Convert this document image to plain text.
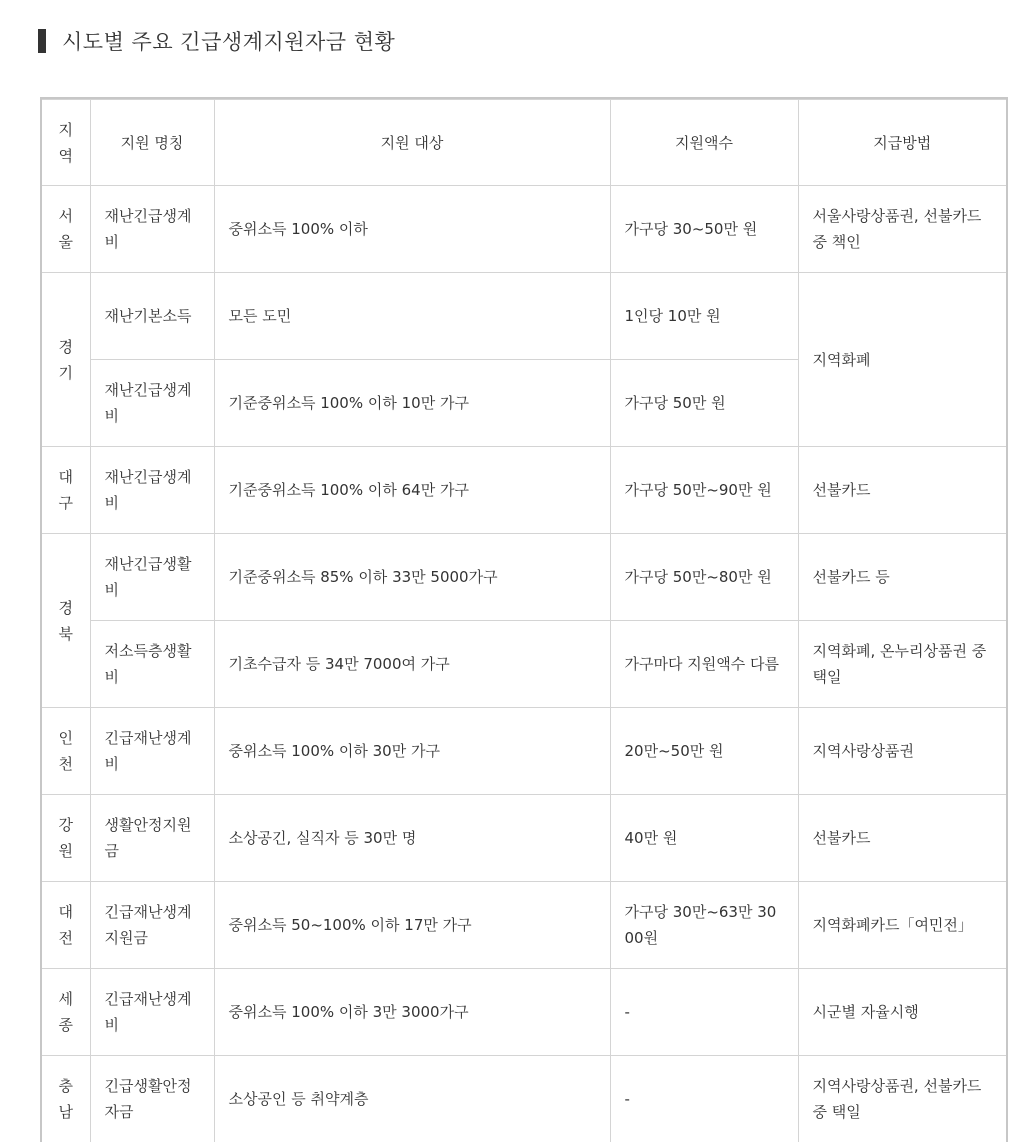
시도별 주요 긴급생계지원자금 현황
지역	지원 명칭	지원 대상	지원액수	지급방법
서울	재난긴급생계비	중위소득 100% 이하	가구당 30~50만 원	서울사랑상품권, 선불카드 중 책인
경기	재난기본소득	모든 도민	1인당 10만 원	지역화폐
	재난긴급생계비	기준중위소득 100% 이하 10만 가구	가구당 50만 원	
대구	재난긴급생계비	기준중위소득 100% 이하 64만 가구	가구당 50만~90만 원	선불카드
경북	재난긴급생활비	기준중위소득 85% 이하 33만 5000가구	가구당 50만~80만 원	선불카드 등
	저소득층생활비	기초수급자 등 34만 7000여 가구	가구마다 지원액수 다름	지역화폐, 온누리상품권 중 택일
인천	긴급재난생계비	중위소득 100% 이하 30만 가구	20만~50만 원	지역사랑상품권
강원	생활안정지원금	소상공긴, 실직자 등 30만 명	40만 원	선불카드
대전	긴급재난생계지원금	중위소득 50~100% 이하 17만 가구	가구당 30만~63만 3000원	지역화폐카드「여민전」
세종	긴급재난생계비	중위소득 100% 이하 3만 3000가구	-	시군별 자율시행
충남	긴급생활안정자금	소상공인 등 취약계층	-	지역사랑상품권, 선불카드 중 택일
